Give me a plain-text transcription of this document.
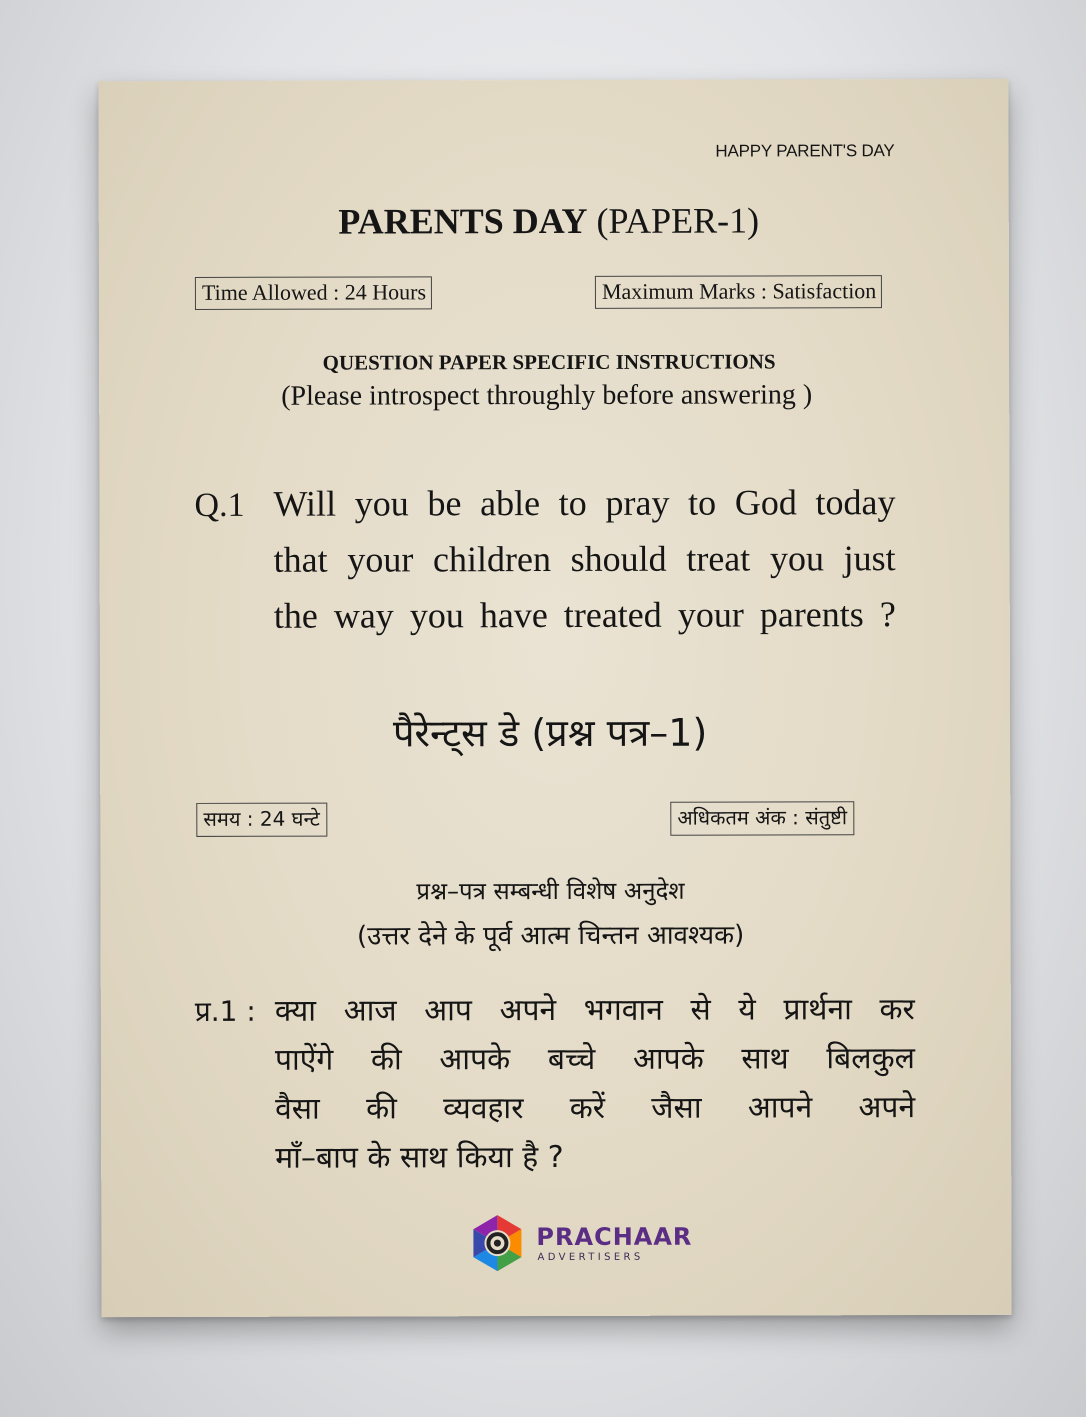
HAPPY PARENT'S DAY
PARENTS DAY (PAPER-1)
Time Allowed : 24 Hours	Maximum Marks : Satisfaction
QUESTION PAPER SPECIFIC INSTRUCTIONS
(Please introspect throughly before answering )
Q.1 Will you be able to pray to God today
that your children should treat you just
the way you have treated your parents ?
पैरेन्ट्स डे (प्रश्न पत्र–1)
समय : 24 घन्टे	अधिकतम अंक : संतुष्टी
प्रश्न–पत्र सम्बन्धी विशेष अनुदेश
(उत्तर देने के पूर्व आत्म चिन्तन आवश्यक)
प्र.1 : क्या आज आप अपने भगवान से ये प्रार्थना कर
पाऐंगे की आपके बच्चे आपके साथ बिलकुल
वैसा की व्यवहार करें जैसा आपने अपने
माँ–बाप के साथ किया है ?
PRACHAAR
ADVERTISERS
